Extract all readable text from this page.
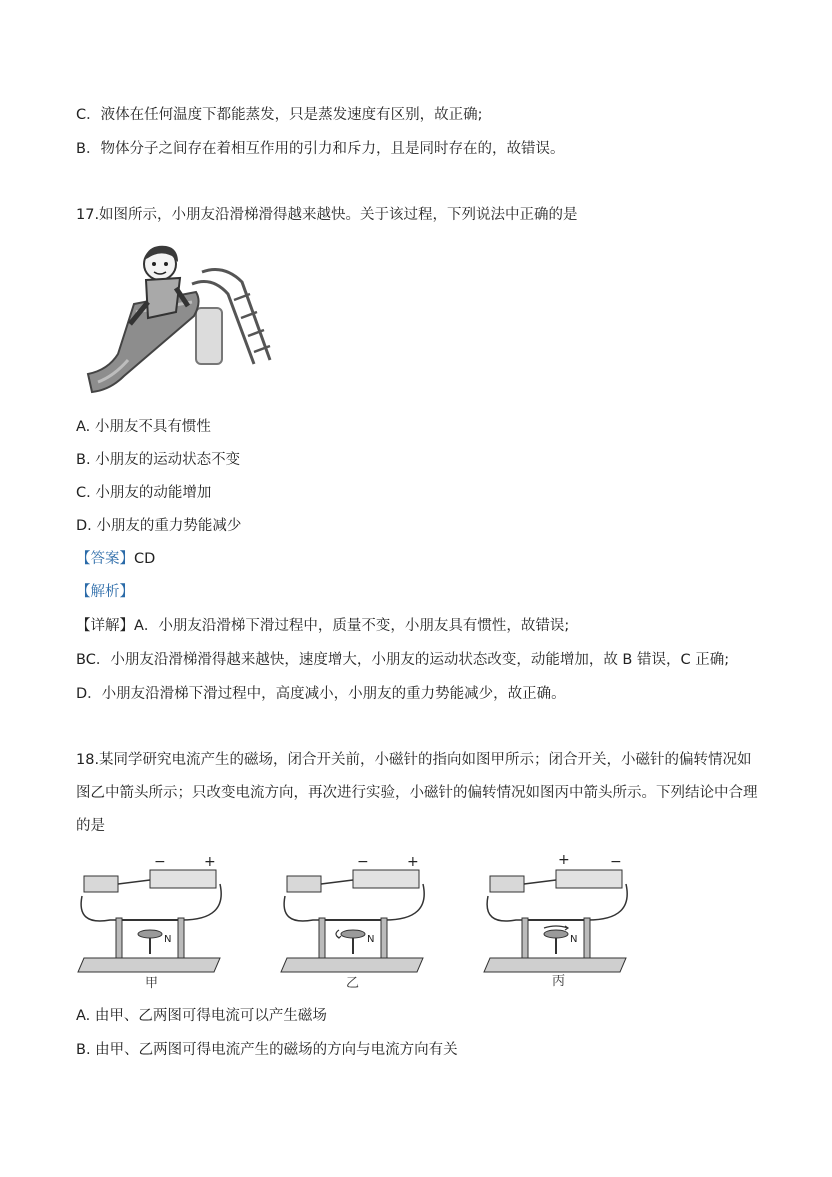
C．液体在任何温度下都能蒸发，只是蒸发速度有区别，故正确;
B．物体分子之间存在着相互作用的引力和斥力，且是同时存在的，故错误。
17.如图所示，小朋友沿滑梯滑得越来越快。关于该过程，下列说法中正确的是
A. 小朋友不具有惯性
B. 小朋友的运动状态不变
C. 小朋友的动能增加
D. 小朋友的重力势能减少
【答案】CD
【解析】
【详解】A．小朋友沿滑梯下滑过程中，质量不变，小朋友具有惯性，故错误;
BC．小朋友沿滑梯滑得越来越快，速度增大，小朋友的运动状态改变，动能增加，故 B 错误，C 正确;
D．小朋友沿滑梯下滑过程中，高度减小，小朋友的重力势能减少，故正确。
18.某同学研究电流产生的磁场，闭合开关前，小磁针的指向如图甲所示；闭合开关，小磁针的偏转情况如
图乙中箭头所示；只改变电流方向，再次进行实验，小磁针的偏转情况如图丙中箭头所示。下列结论中合理
的是
−	+
N
甲
−	+
N
乙
+	−
N
丙
A. 由甲、乙两图可得电流可以产生磁场
B. 由甲、乙两图可得电流产生的磁场的方向与电流方向有关
